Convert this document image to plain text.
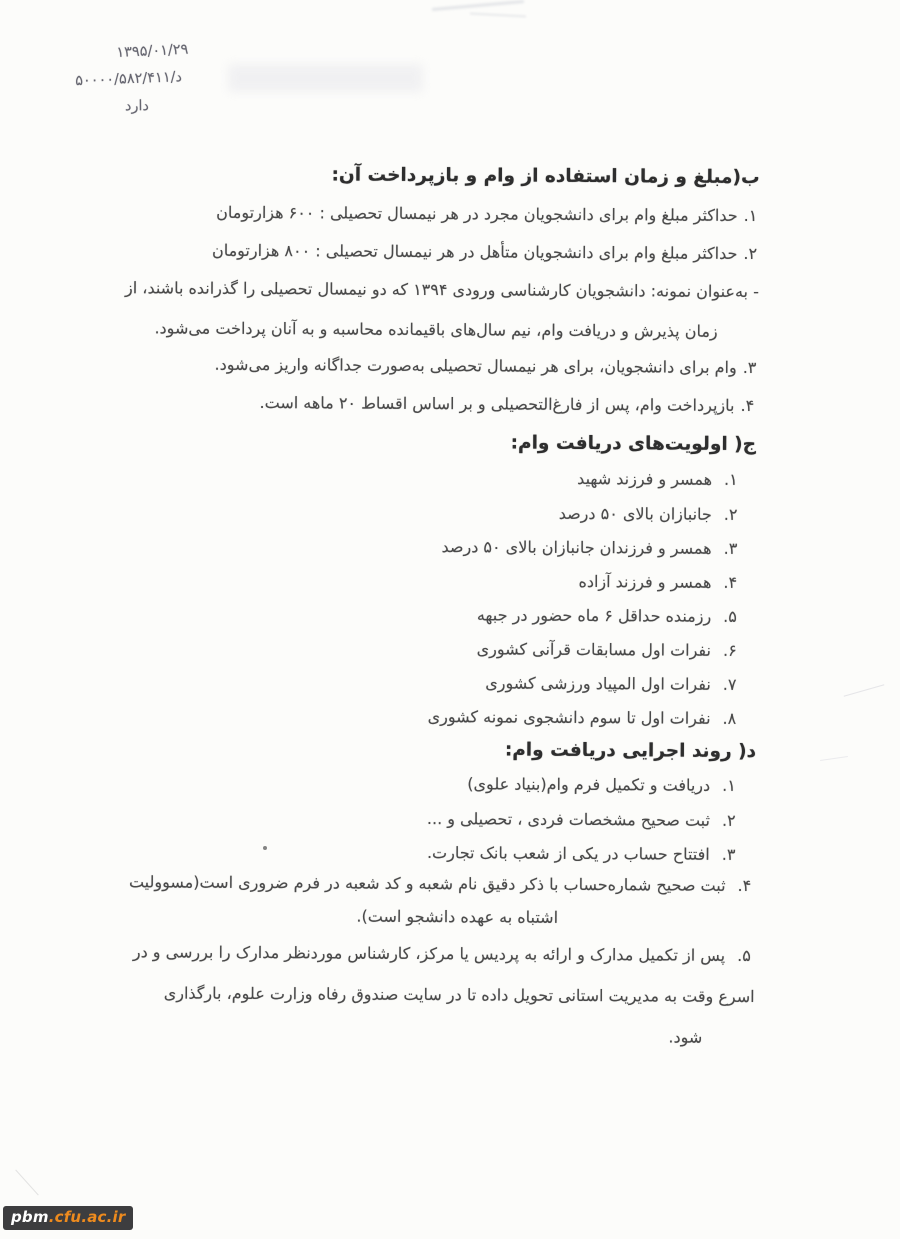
۱۳۹۵/۰۱/۲۹
د/۵۰۰۰۰/۵۸۲/۴۱۱
دارد
ب(مبلغ و زمان استفاده از وام و بازپرداخت آن:
۱.حداکثر مبلغ وام برای دانشجویان مجرد در هر نیمسال تحصیلی : ۶۰۰ هزارتومان
۲.حداکثر مبلغ وام برای دانشجویان متأهل در هر نیمسال تحصیلی : ۸۰۰ هزارتومان
- به‌عنوان نمونه: دانشجویان کارشناسی ورودی ۱۳۹۴ که دو نیمسال تحصیلی را گذرانده باشند، از
زمان پذیرش و دریافت وام، نیم سال‌های باقیمانده محاسبه و به آنان پرداخت می‌شود.
۳.وام برای دانشجویان، برای هر نیمسال تحصیلی به‌صورت جداگانه واریز می‌شود.
۴.بازپرداخت وام، پس از فارغ‌التحصیلی و بر اساس اقساط ۲۰ ماهه است.
ج( اولویت‌های دریافت وام:
۱.همسر و فرزند شهید
۲.جانبازان بالای ۵۰ درصد
۳.همسر و فرزندان جانبازان بالای ۵۰ درصد
۴.همسر و فرزند آزاده
۵.رزمنده حداقل ۶ ماه حضور در جبهه
۶.نفرات اول مسابقات قرآنی کشوری
۷.نفرات اول المپیاد ورزشی کشوری
۸.نفرات اول تا سوم دانشجوی نمونه کشوری
د( روند اجرایی دریافت وام:
۱.دریافت و تکمیل فرم وام(بنیاد علوی)
۲.ثبت صحیح مشخصات فردی ، تحصیلی و ...
۳.افتتاح حساب در یکی از شعب بانک تجارت.
۴.ثبت صحیح شماره‌حساب با ذکر دقیق نام شعبه و کد شعبه در فرم ضروری است(مسوولیت
اشتباه به عهده دانشجو است).
۵.پس از تکمیل مدارک و ارائه به پردیس یا مرکز، کارشناس موردنظر مدارک را بررسی و در
اسرع وقت به مدیریت استانی تحویل داده تا در سایت صندوق رفاه وزارت علوم، بارگذاری
شود.
pbm.cfu.ac.ir
